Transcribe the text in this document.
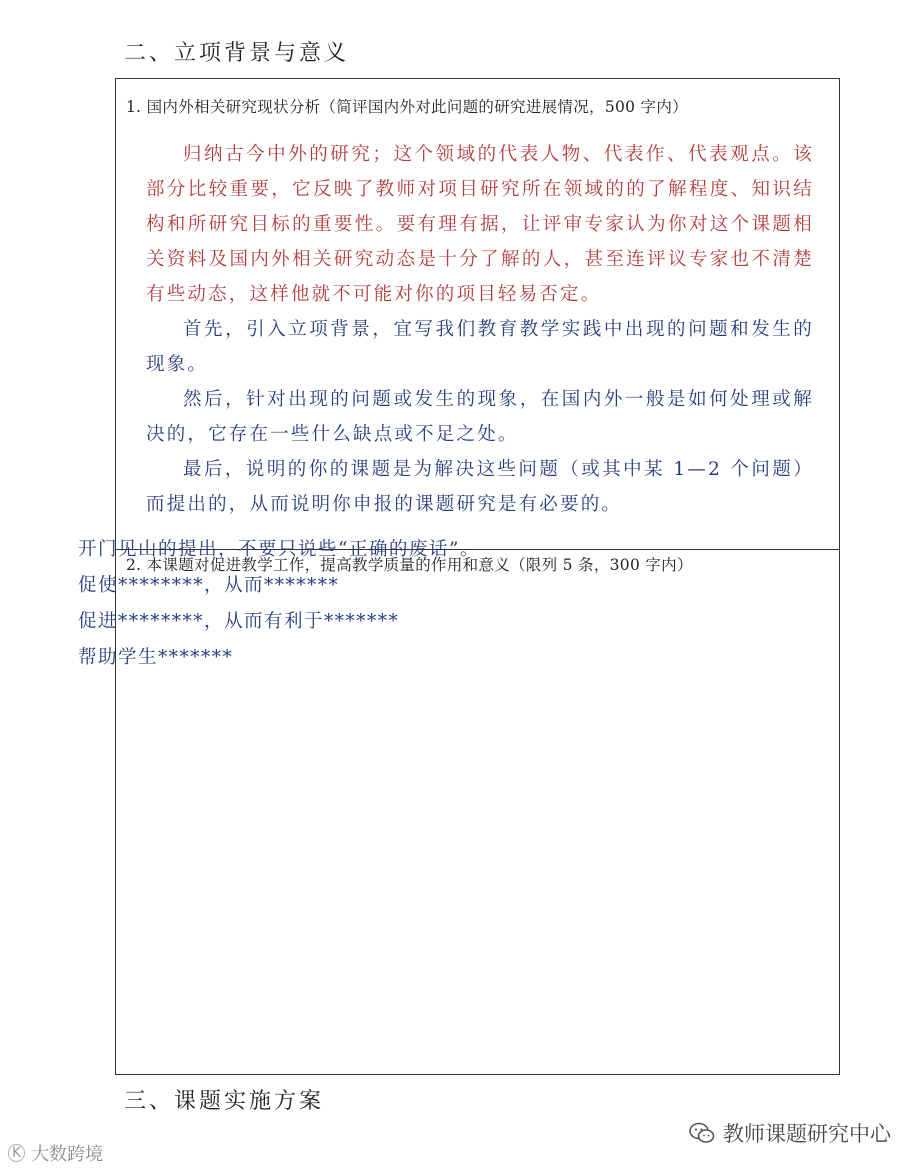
二、立项背景与意义
1. 国内外相关研究现状分析（简评国内外对此问题的研究进展情况，500 字内）

归纳古今中外的研究；这个领域的代表人物、代表作、代表观点。该部分比较重要，它反映了教师对项目研究所在领域的的了解程度、知识结构和所研究目标的重要性。要有理有据，让评审专家认为你对这个课题相关资料及国内外相关研究动态是十分了解的人，甚至连评议专家也不清楚有些动态，这样他就不可能对你的项目轻易否定。

首先，引入立项背景，宜写我们教育教学实践中出现的问题和发生的现象。

然后，针对出现的问题或发生的现象，在国内外一般是如何处理或解决的，它存在一些什么缺点或不足之处。

最后，说明的你的课题是为解决这些问题（或其中某 1—2 个问题）而提出的，从而说明你申报的课题研究是有必要的。

2. 本课题对促进教学工作，提高教学质量的作用和意义（限列 5 条，300 字内）
开门见山的提出，不要只说些“正确的废话”。
促使********，从而*******
促进********，从而有利于*******
帮助学生*******
三、课题实施方案
K 大数跨境
教师课题研究中心
